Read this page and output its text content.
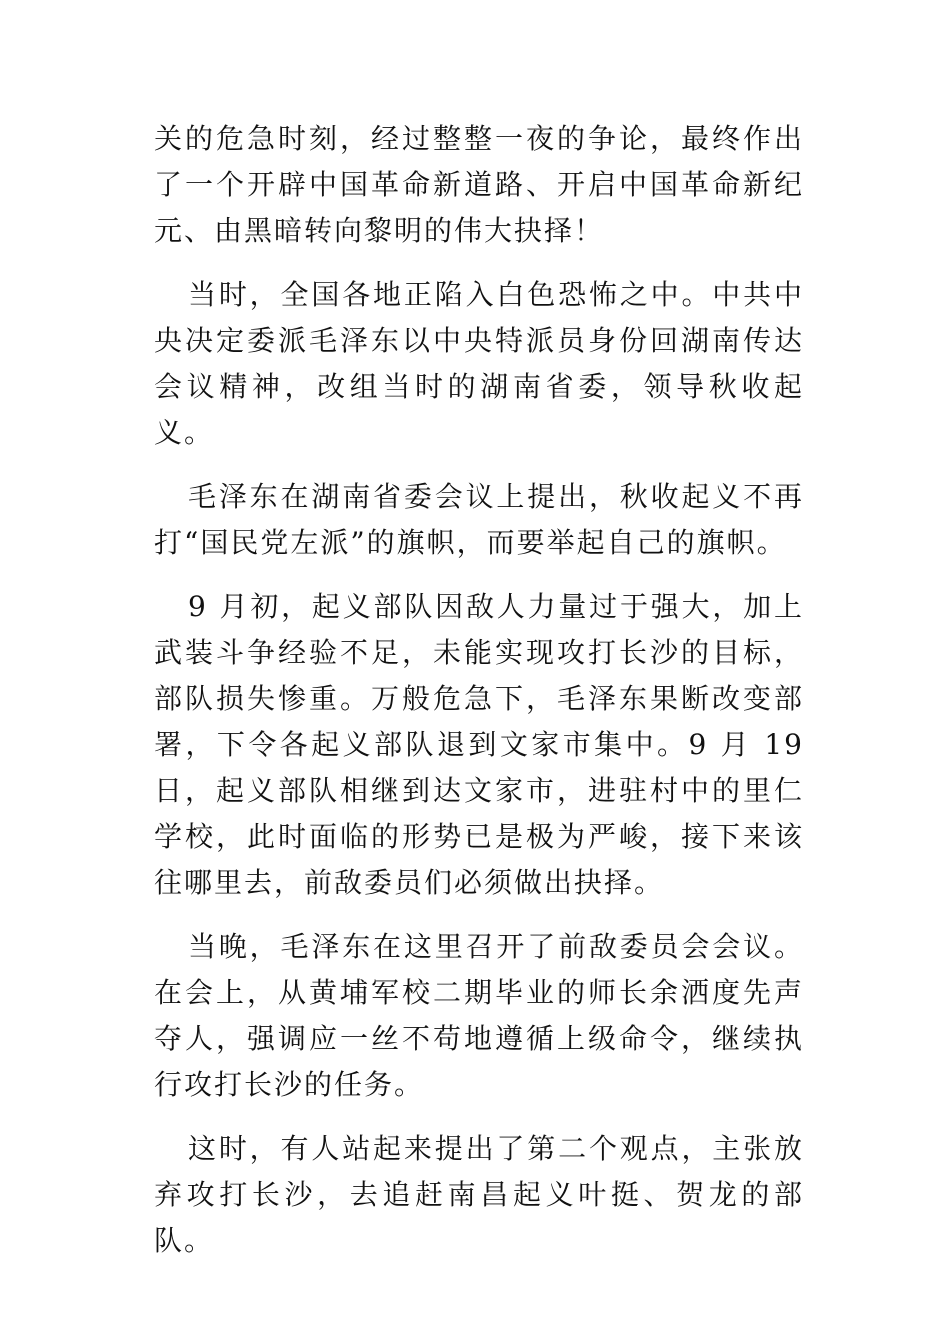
关的危急时刻，经过整整一夜的争论，最终作出了一个开辟中国革命新道路、开启中国革命新纪元、由黑暗转向黎明的伟大抉择！

当时，全国各地正陷入白色恐怖之中。中共中央决定委派毛泽东以中央特派员身份回湖南传达会议精神，改组当时的湖南省委，领导秋收起义。

毛泽东在湖南省委会议上提出，秋收起义不再打“国民党左派”的旗帜，而要举起自己的旗帜。

9 月初，起义部队因敌人力量过于强大，加上武装斗争经验不足，未能实现攻打长沙的目标，部队损失惨重。万般危急下，毛泽东果断改变部署，下令各起义部队退到文家市集中。9 月 19 日，起义部队相继到达文家市，进驻村中的里仁学校，此时面临的形势已是极为严峻，接下来该往哪里去，前敌委员们必须做出抉择。

当晚，毛泽东在这里召开了前敌委员会会议。在会上，从黄埔军校二期毕业的师长余洒度先声夺人，强调应一丝不苟地遵循上级命令，继续执行攻打长沙的任务。

这时，有人站起来提出了第二个观点，主张放弃攻打长沙，去追赶南昌起义叶挺、贺龙的部队。
